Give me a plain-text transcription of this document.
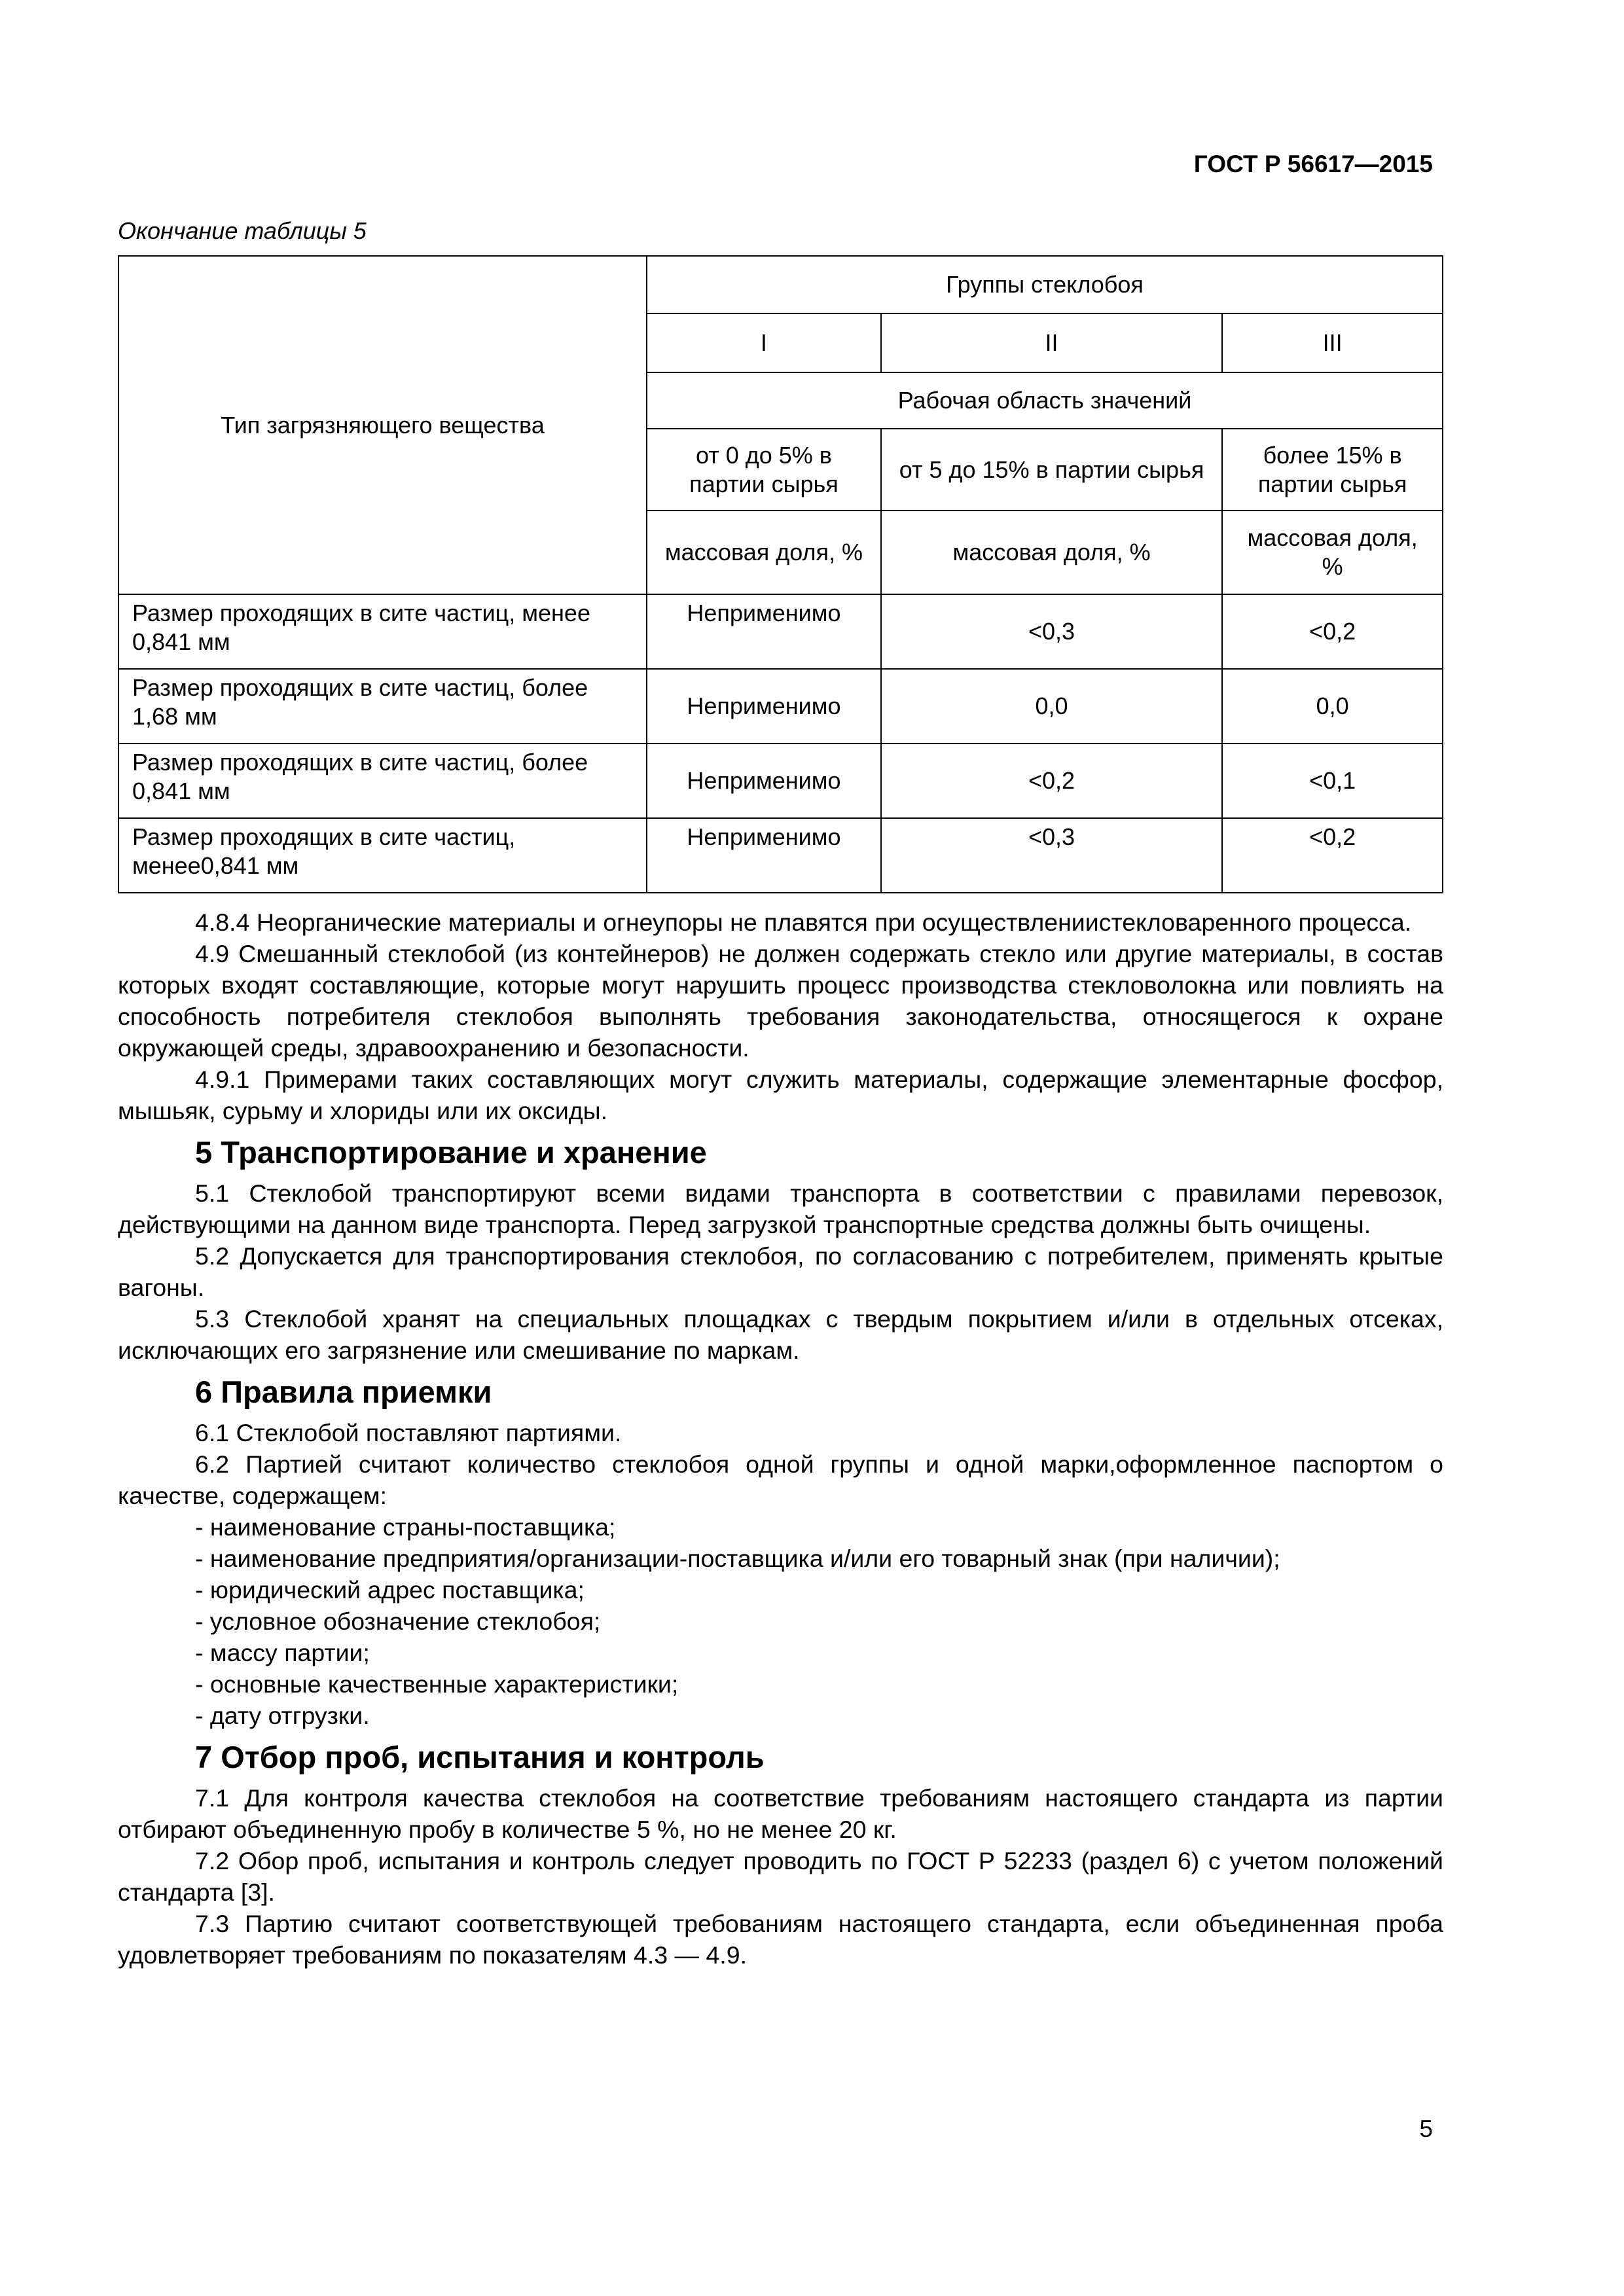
ГОСТ Р 56617—2015
Окончание таблицы 5
Тип загрязняющего вещества	Группы стеклобоя		
	I	II	III
	Рабочая область значений		
	от 0 до 5% в партии сырья	от 5 до 15% в партии сырья	более 15% в партии сырья
	массовая доля, %	массовая доля, %	массовая доля, %
Размер проходящих в сите частиц, менее 0,841 мм	Неприменимо	<0,3	<0,2
Размер проходящих в сите частиц, более 1,68 мм	Неприменимо	0,0	0,0
Размер проходящих в сите частиц, более 0,841 мм	Неприменимо	<0,2	<0,1
Размер проходящих в сите частиц, менее0,841 мм	Неприменимо	<0,3	<0,2

4.8.4 Неорганические материалы и огнеупоры не плавятся при осуществлениистекловаренного процесса.

4.9 Смешанный стеклобой (из контейнеров) не должен содержать стекло или другие материалы, в состав которых входят составляющие, которые могут нарушить процесс производства стекловолокна или повлиять на способность потребителя стеклобоя выполнять требования законодательства, относящегося к охране окружающей среды, здравоохранению и безопасности.

4.9.1 Примерами таких составляющих могут служить материалы, содержащие элементарные фосфор, мышьяк, сурьму и хлориды или их оксиды.

5 Транспортирование и хранение

5.1 Стеклобой транспортируют всеми видами транспорта в соответствии с правилами перевозок, действующими на данном виде транспорта. Перед загрузкой транспортные средства должны быть очищены.

5.2 Допускается для транспортирования стеклобоя, по согласованию с потребителем, применять крытые вагоны.

5.3 Стеклобой хранят на специальных площадках с твердым покрытием и/или в отдельных отсеках, исключающих его загрязнение или смешивание по маркам.

6 Правила приемки

6.1 Стеклобой поставляют партиями.

6.2 Партией считают количество стеклобоя одной группы и одной марки,оформленное паспортом о качестве, содержащем:

- наименование страны-поставщика;

- наименование предприятия/организации-поставщика и/или его товарный знак (при наличии);

- юридический адрес поставщика;

- условное обозначение стеклобоя;

- массу партии;

- основные качественные характеристики;

- дату отгрузки.

7 Отбор проб, испытания и контроль

7.1 Для контроля качества стеклобоя на соответствие требованиям настоящего стандарта из партии отбирают объединенную пробу в количестве 5 %, но не менее 20 кг.

7.2 Обор проб, испытания и контроль следует проводить по ГОСТ Р 52233 (раздел 6) с учетом положений стандарта [3].

7.3 Партию считают соответствующей требованиям настоящего стандарта, если объединенная проба удовлетворяет требованиям по показателям 4.3 — 4.9.

5
